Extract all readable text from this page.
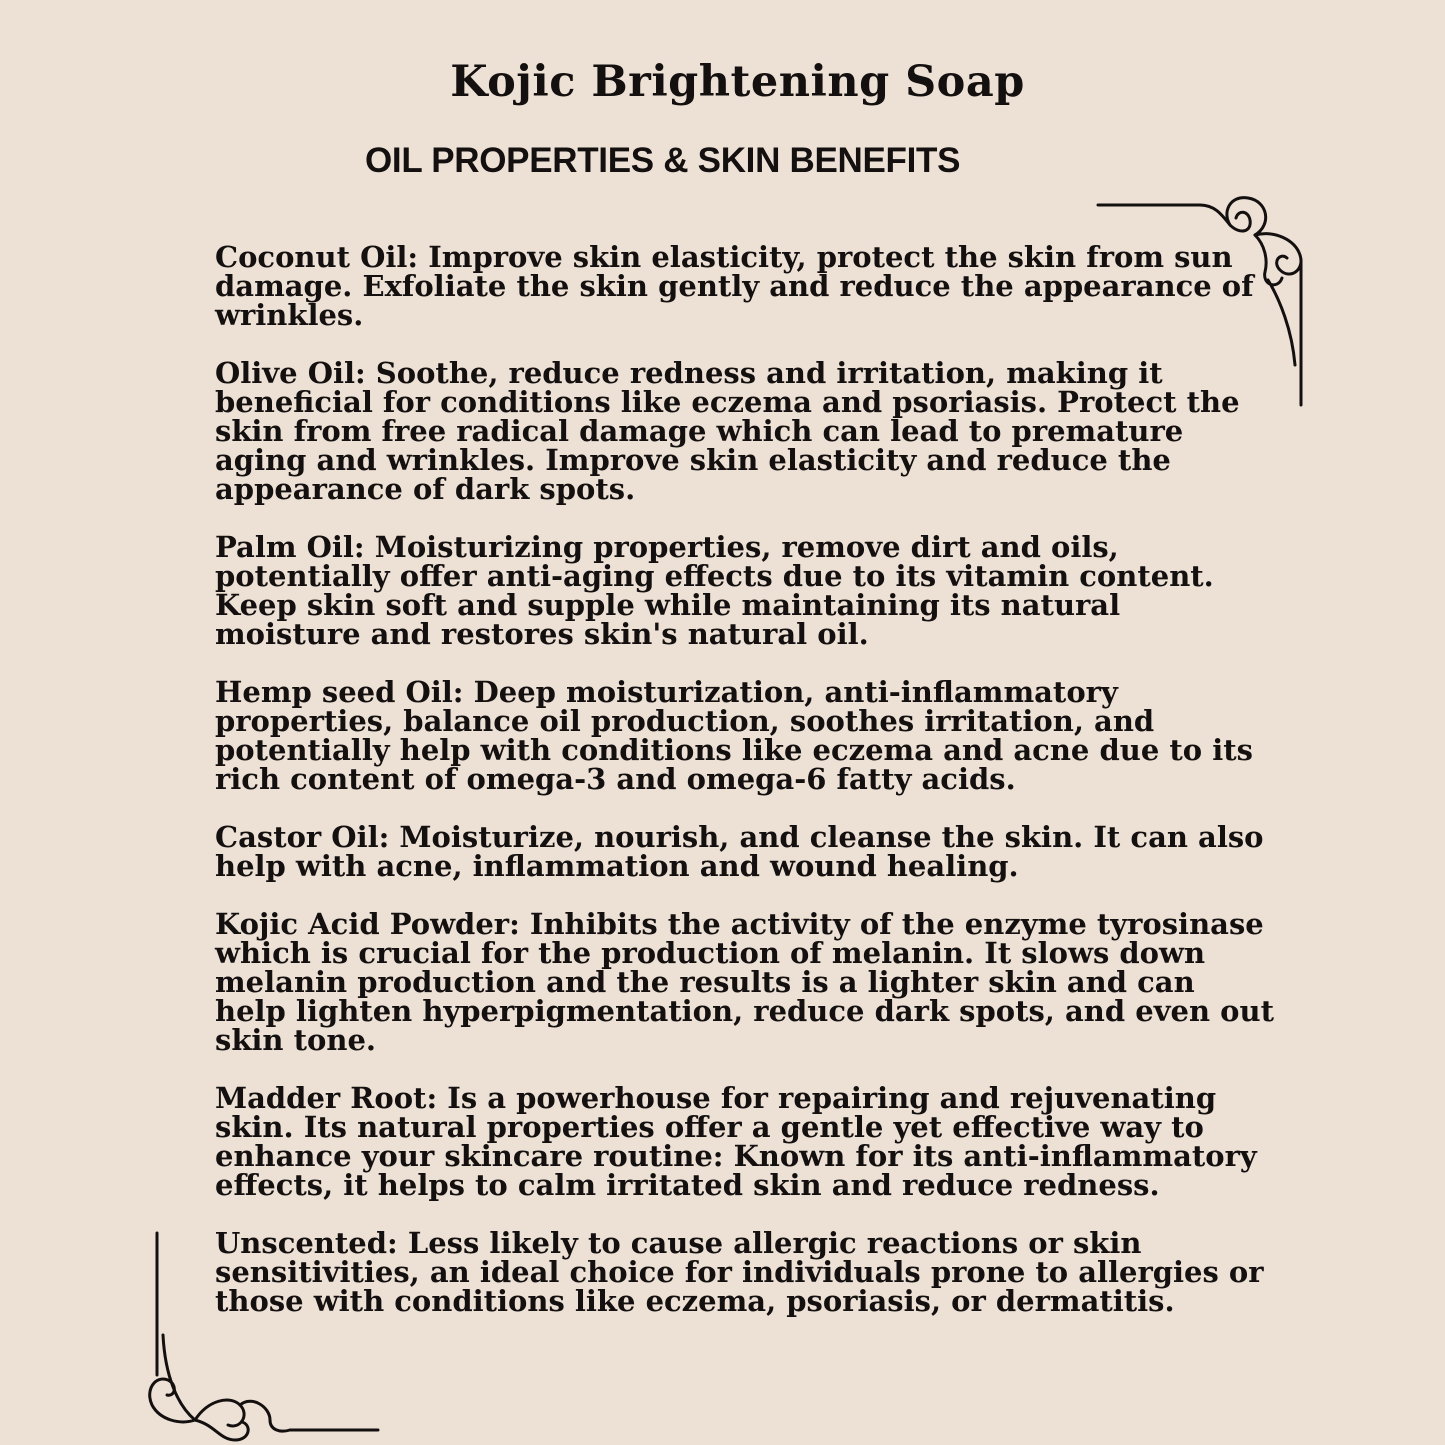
Kojic Brightening Soap
OIL PROPERTIES & SKIN BENEFITS

Coconut Oil: Improve skin elasticity, protect the skin from sun damage. Exfoliate the skin gently and reduce the appearance of wrinkles.

Olive Oil: Soothe, reduce redness and irritation, making it beneficial for conditions like eczema and psoriasis. Protect the skin from free radical damage which can lead to premature aging and wrinkles. Improve skin elasticity and reduce the appearance of dark spots.

Palm Oil: Moisturizing properties, remove dirt and oils, potentially offer anti-aging effects due to its vitamin content. Keep skin soft and supple while maintaining its natural moisture and restores skin's natural oil.

Hemp seed Oil: Deep moisturization, anti-inflammatory properties, balance oil production, soothes irritation, and potentially help with conditions like eczema and acne due to its rich content of omega-3 and omega-6 fatty acids.

Castor Oil: Moisturize, nourish, and cleanse the skin. It can also help with acne, inflammation and wound healing.

Kojic Acid Powder: Inhibits the activity of the enzyme tyrosinase which is crucial for the production of melanin. It slows down melanin production and the results is a lighter skin and can help lighten hyperpigmentation, reduce dark spots, and even out skin tone.

Madder Root: Is a powerhouse for repairing and rejuvenating skin. Its natural properties offer a gentle yet effective way to enhance your skincare routine: Known for its anti-inflammatory effects, it helps to calm irritated skin and reduce redness.

Unscented: Less likely to cause allergic reactions or skin sensitivities, an ideal choice for individuals prone to allergies or those with conditions like eczema, psoriasis, or dermatitis.
